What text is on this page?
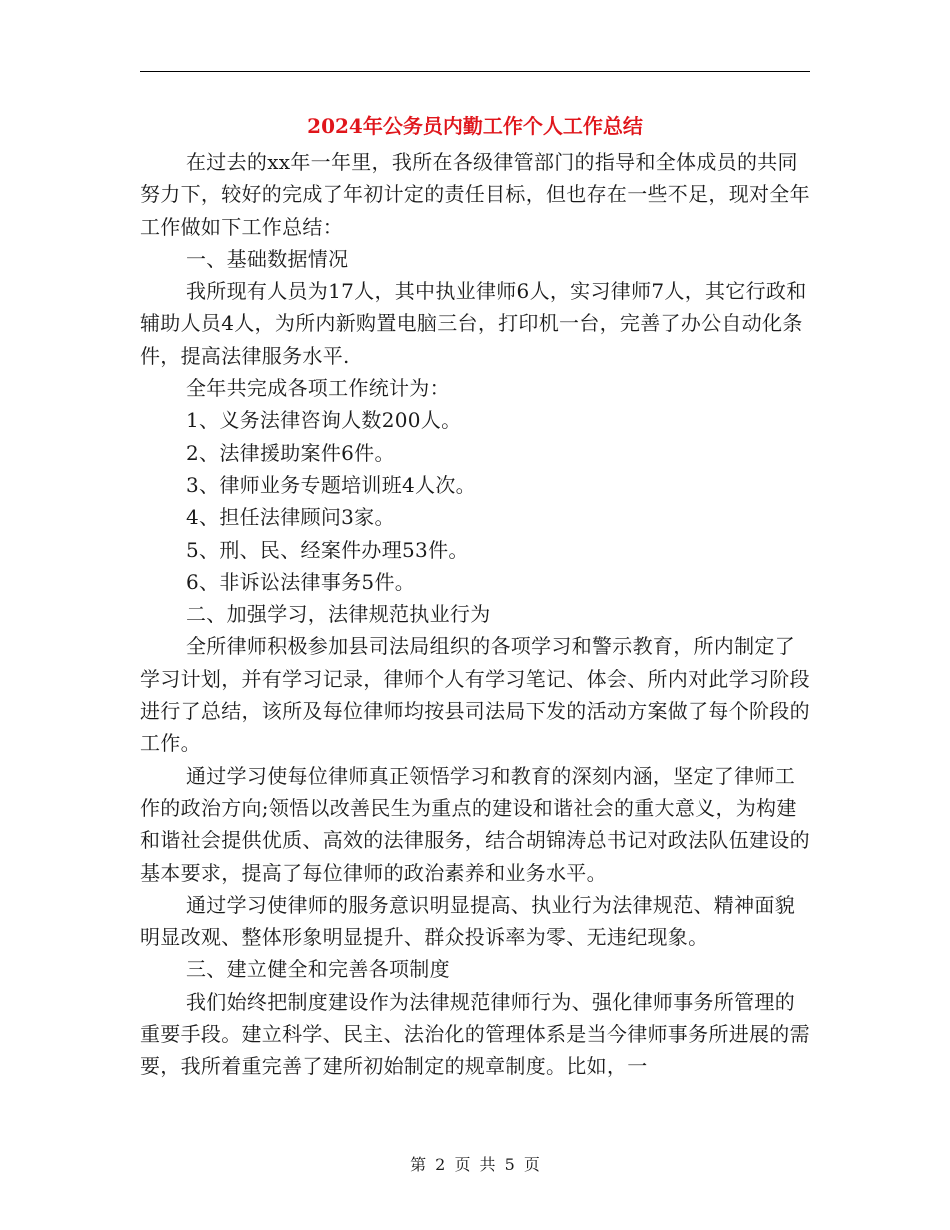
2024年公务员内勤工作个人工作总结

在过去的xx年一年里，我所在各级律管部门的指导和全体成员的共同努力下，较好的完成了年初计定的责任目标，但也存在一些不足，现对全年工作做如下工作总结：

一、基础数据情况

我所现有人员为17人，其中执业律师6人，实习律师7人，其它行政和辅助人员4人，为所内新购置电脑三台，打印机一台，完善了办公自动化条件，提高法律服务水平.

全年共完成各项工作统计为：

1、义务法律咨询人数200人。

2、法律援助案件6件。

3、律师业务专题培训班4人次。

4、担任法律顾问3家。

5、刑、民、经案件办理53件。

6、非诉讼法律事务5件。

二、加强学习，法律规范执业行为

全所律师积极参加县司法局组织的各项学习和警示教育，所内制定了学习计划，并有学习记录，律师个人有学习笔记、体会、所内对此学习阶段进行了总结，该所及每位律师均按县司法局下发的活动方案做了每个阶段的工作。

通过学习使每位律师真正领悟学习和教育的深刻内涵，坚定了律师工作的政治方向;领悟以改善民生为重点的建设和谐社会的重大意义，为构建和谐社会提供优质、高效的法律服务，结合胡锦涛总书记对政法队伍建设的基本要求，提高了每位律师的政治素养和业务水平。

通过学习使律师的服务意识明显提高、执业行为法律规范、精神面貌明显改观、整体形象明显提升、群众投诉率为零、无违纪现象。

三、建立健全和完善各项制度

我们始终把制度建设作为法律规范律师行为、强化律师事务所管理的重要手段。建立科学、民主、法治化的管理体系是当今律师事务所进展的需要，我所着重完善了建所初始制定的规章制度。比如，一

第 2 页 共 5 页
